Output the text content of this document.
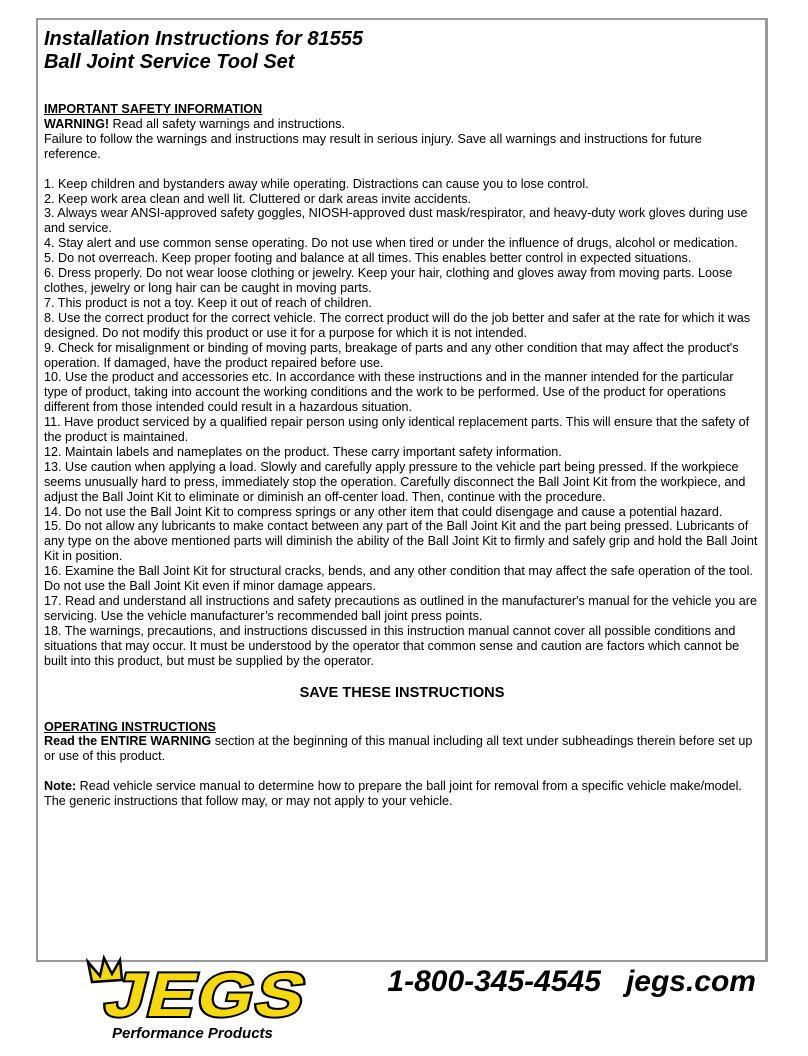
Installation Instructions for 81555
Ball Joint Service Tool Set
IMPORTANT SAFETY INFORMATION

WARNING! Read all safety warnings and instructions.

Failure to follow the warnings and instructions may result in serious injury. Save all warnings and instructions for future reference.

1. Keep children and bystanders away while operating. Distractions can cause you to lose control.

2. Keep work area clean and well lit. Cluttered or dark areas invite accidents.

3. Always wear ANSI-approved safety goggles, NIOSH-approved dust mask/respirator, and heavy-duty work gloves during use and service.

4. Stay alert and use common sense operating. Do not use when tired or under the influence of drugs, alcohol or medication.

5. Do not overreach. Keep proper footing and balance at all times. This enables better control in expected situations.

6. Dress properly. Do not wear loose clothing or jewelry. Keep your hair, clothing and gloves away from moving parts. Loose clothes, jewelry or long hair can be caught in moving parts.

7. This product is not a toy. Keep it out of reach of children.

8. Use the correct product for the correct vehicle. The correct product will do the job better and safer at the rate for which it was designed. Do not modify this product or use it for a purpose for which it is not intended.

9. Check for misalignment or binding of moving parts, breakage of parts and any other condition that may affect the product's operation. If damaged, have the product repaired before use.

10. Use the product and accessories etc. In accordance with these instructions and in the manner intended for the particular type of product, taking into account the working conditions and the work to be performed. Use of the product for operations different from those intended could result in a hazardous situation.

11. Have product serviced by a qualified repair person using only identical replacement parts. This will ensure that the safety of the product is maintained.

12. Maintain labels and nameplates on the product. These carry important safety information.

13. Use caution when applying a load. Slowly and carefully apply pressure to the vehicle part being pressed. If the workpiece seems unusually hard to press, immediately stop the operation. Carefully disconnect the Ball Joint Kit from the workpiece, and adjust the Ball Joint Kit to eliminate or diminish an off-center load. Then, continue with the procedure.

14. Do not use the Ball Joint Kit to compress springs or any other item that could disengage and cause a potential hazard.

15. Do not allow any lubricants to make contact between any part of the Ball Joint Kit and the part being pressed. Lubricants of any type on the above mentioned parts will diminish the ability of the Ball Joint Kit to firmly and safely grip and hold the Ball Joint Kit in position.

16. Examine the Ball Joint Kit for structural cracks, bends, and any other condition that may affect the safe operation of the tool. Do not use the Ball Joint Kit even if minor damage appears.

17. Read and understand all instructions and safety precautions as outlined in the manufacturer's manual for the vehicle you are servicing. Use the vehicle manufacturer’s recommended ball joint press points.

18. The warnings, precautions, and instructions discussed in this instruction manual cannot cover all possible conditions and situations that may occur. It must be understood by the operator that common sense and caution are factors which cannot be built into this product, but must be supplied by the operator.

SAVE THESE INSTRUCTIONS
OPERATING INSTRUCTIONS

Read the ENTIRE WARNING section at the beginning of this manual including all text under subheadings therein before set up or use of this product.

Note: Read vehicle service manual to determine how to prepare the ball joint for removal from a specific vehicle make/model. The generic instructions that follow may, or may not apply to your vehicle.

JEGS
Performance Products
1-800-345-4545 jegs.com
